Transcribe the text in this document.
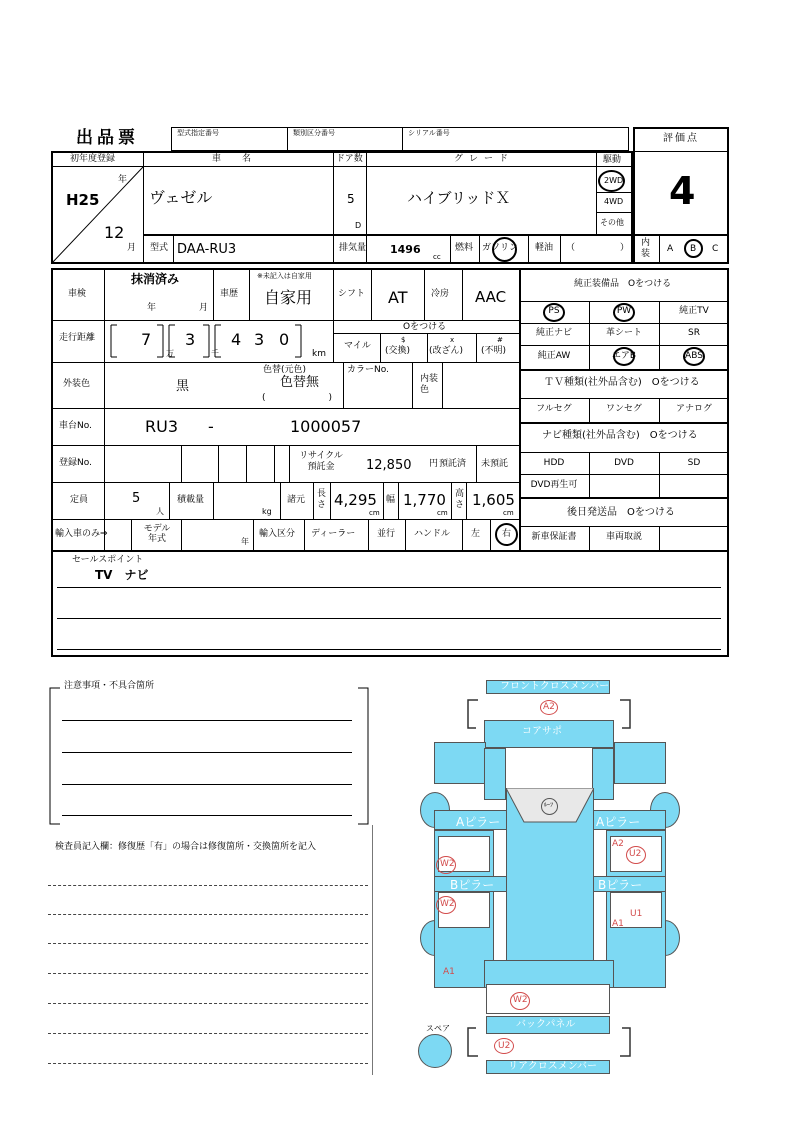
出品票	型式指定番号	類別区分番号	シリアル番号	評価点
4
初年度登録
H25
年
12
月
車　名
ヴェゼル
ドア数
5
D
グレード
ハイブリッドＸ
駆動
2WD
4WD
その他
型式 DAA-RU3	排気量 1496
cc
燃料 ガソリン 軽油 （	） 内装 A B C
車検
抹消済み
年	月
車歴
※未記入は自家用
自家用	シフト AT	冷房 AAC
走行距離	7
万
3
千
4 3 0
km
Oをつける
マイル
$
(交換)
x
(改ざん)
#
(不明)
外装色	黒
色替(元色)
色替無
(　　　　　　　)
カラーNo.
内装色
車台No.	RU3 -	1000057
登録No.
リサイクル預託金	12,850 円 預託済 未預託
定員	5
人
積載量
kg
諸元
長さ 4,295
cm
幅 1,770
cm
高さ 1,605
cm
輸入車のみ⇒	モデル年式	年
輸入区分 ディーラー 並行 ハンドル 左 右
純正装備品　Oをつける
PS	PW	純正TV
純正ナビ	革シート	SR
純正AW	エアB	ABS
ＴＶ種類(社外品含む)　Oをつける
フルセグ	ワンセグ	アナログ
ナビ種類(社外品含む)　Oをつける
HDD	DVD	SD
DVD再生可
後日発送品　Oをつける
新車保証書	車両取説
セールスポイント
TV　ナビ
注意事項・不具合箇所
検査員記入欄：修復歴「有」の場合は修復箇所・交換箇所を記入
フロントクロスメンバー
コアサポ
Aピラー	Aピラー
Bピラー	Bピラー
ﾙｰﾌ
バックパネル
リアクロスメンバー
スペア
A2
W2
W2
A2
U2
U1
A1
A1
W2
U2
